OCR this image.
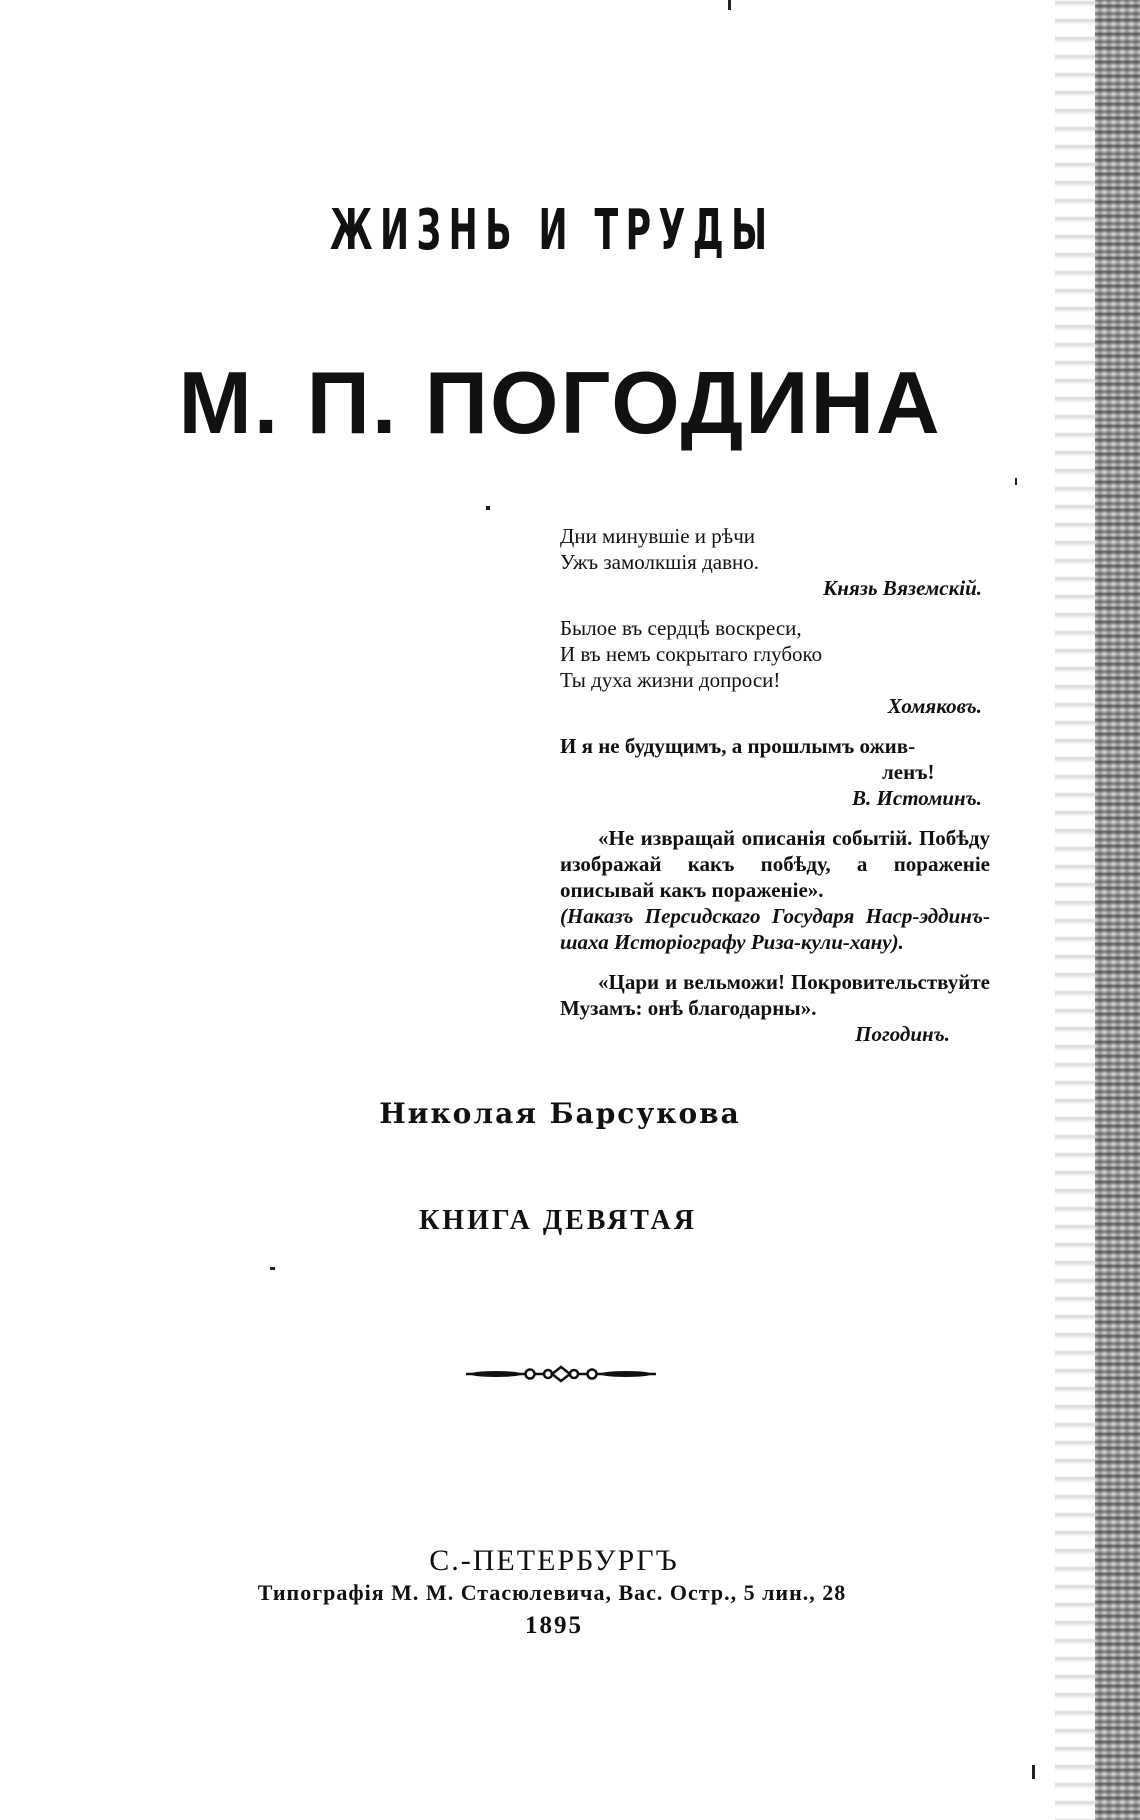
ЖИЗНЬ И ТРУДЫ
М. П. ПОГОДИНА
Дни минувшiе и рѣчи
Ужъ замолкшiя давно.
Князь Вяземскiй.
Былое въ сердцѣ воскреси,
И въ немъ сокрытаго глубоко
Ты духа жизни допроси!
Хомяковъ.
И я не будущимъ, а прошлымъ ожив-
ленъ!
В. Истоминъ.
«Не извращай описанiя событiй. Побѣду изображай какъ побѣду, а пораженiе описывай какъ пораженiе».
(Наказъ Персидскаго Государя Наср-эддинъ-шаха Исторiографу Риза-кули-хану).
«Цари и вельможи! Покровительствуйте Музамъ: онѣ благодарны».
Погодинъ.
Николая Барсукова
КНИГА ДЕВЯТАЯ
С.-ПЕТЕРБУРГЪ
Типографiя М. М. Стасюлевича, Вас. Остр., 5 лин., 28
1895
